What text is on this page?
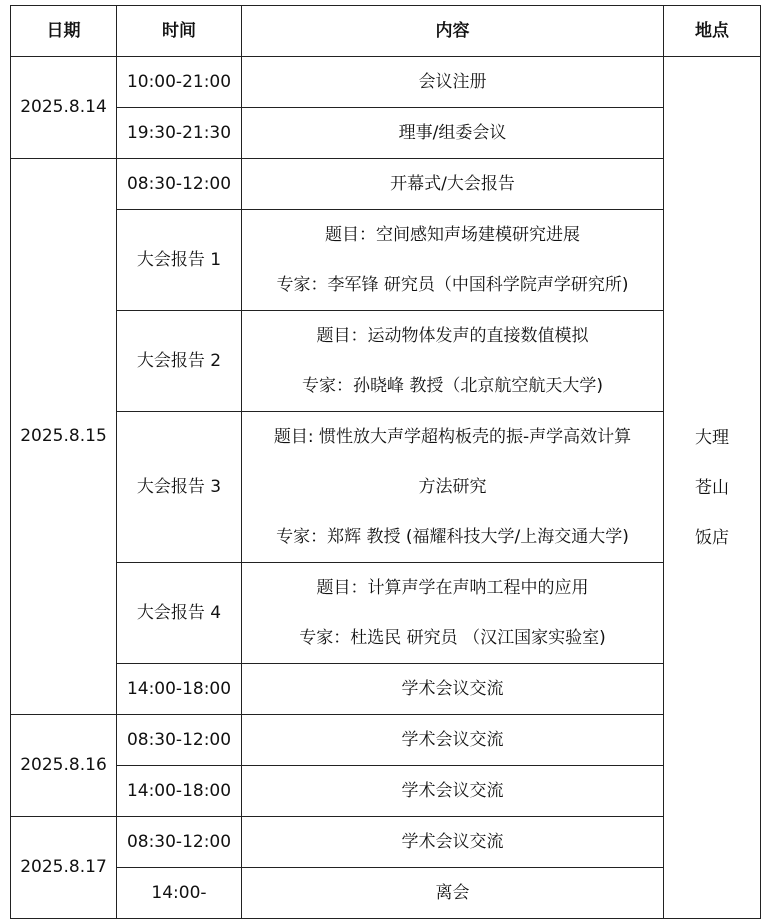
日期	时间	内容	地点
2025.8.14	10:00-21:00	会议注册	大理
苍山
饭店

	19:30-21:30	理事/组委会议	

2025.8.15	08:30-12:00	开幕式/大会报告	

	大会报告 1	题目：空间感知声场建模研究进展
专家：李军锋 研究员（中国科学院声学研究所)	

	大会报告 2	题目：运动物体发声的直接数值模拟
专家：孙晓峰 教授（北京航空航天大学)	

	大会报告 3	题目: 惯性放大声学超构板壳的振-声学高效计算
方法研究
专家：郑辉 教授 (福耀科技大学/上海交通大学)	

	大会报告 4	题目：计算声学在声呐工程中的应用
专家：杜选民 研究员 （汉江国家实验室)	

	14:00-18:00	学术会议交流	

2025.8.16	08:30-12:00	学术会议交流	

	14:00-18:00	学术会议交流	

2025.8.17	08:30-12:00	学术会议交流	

	14:00-	离会	
